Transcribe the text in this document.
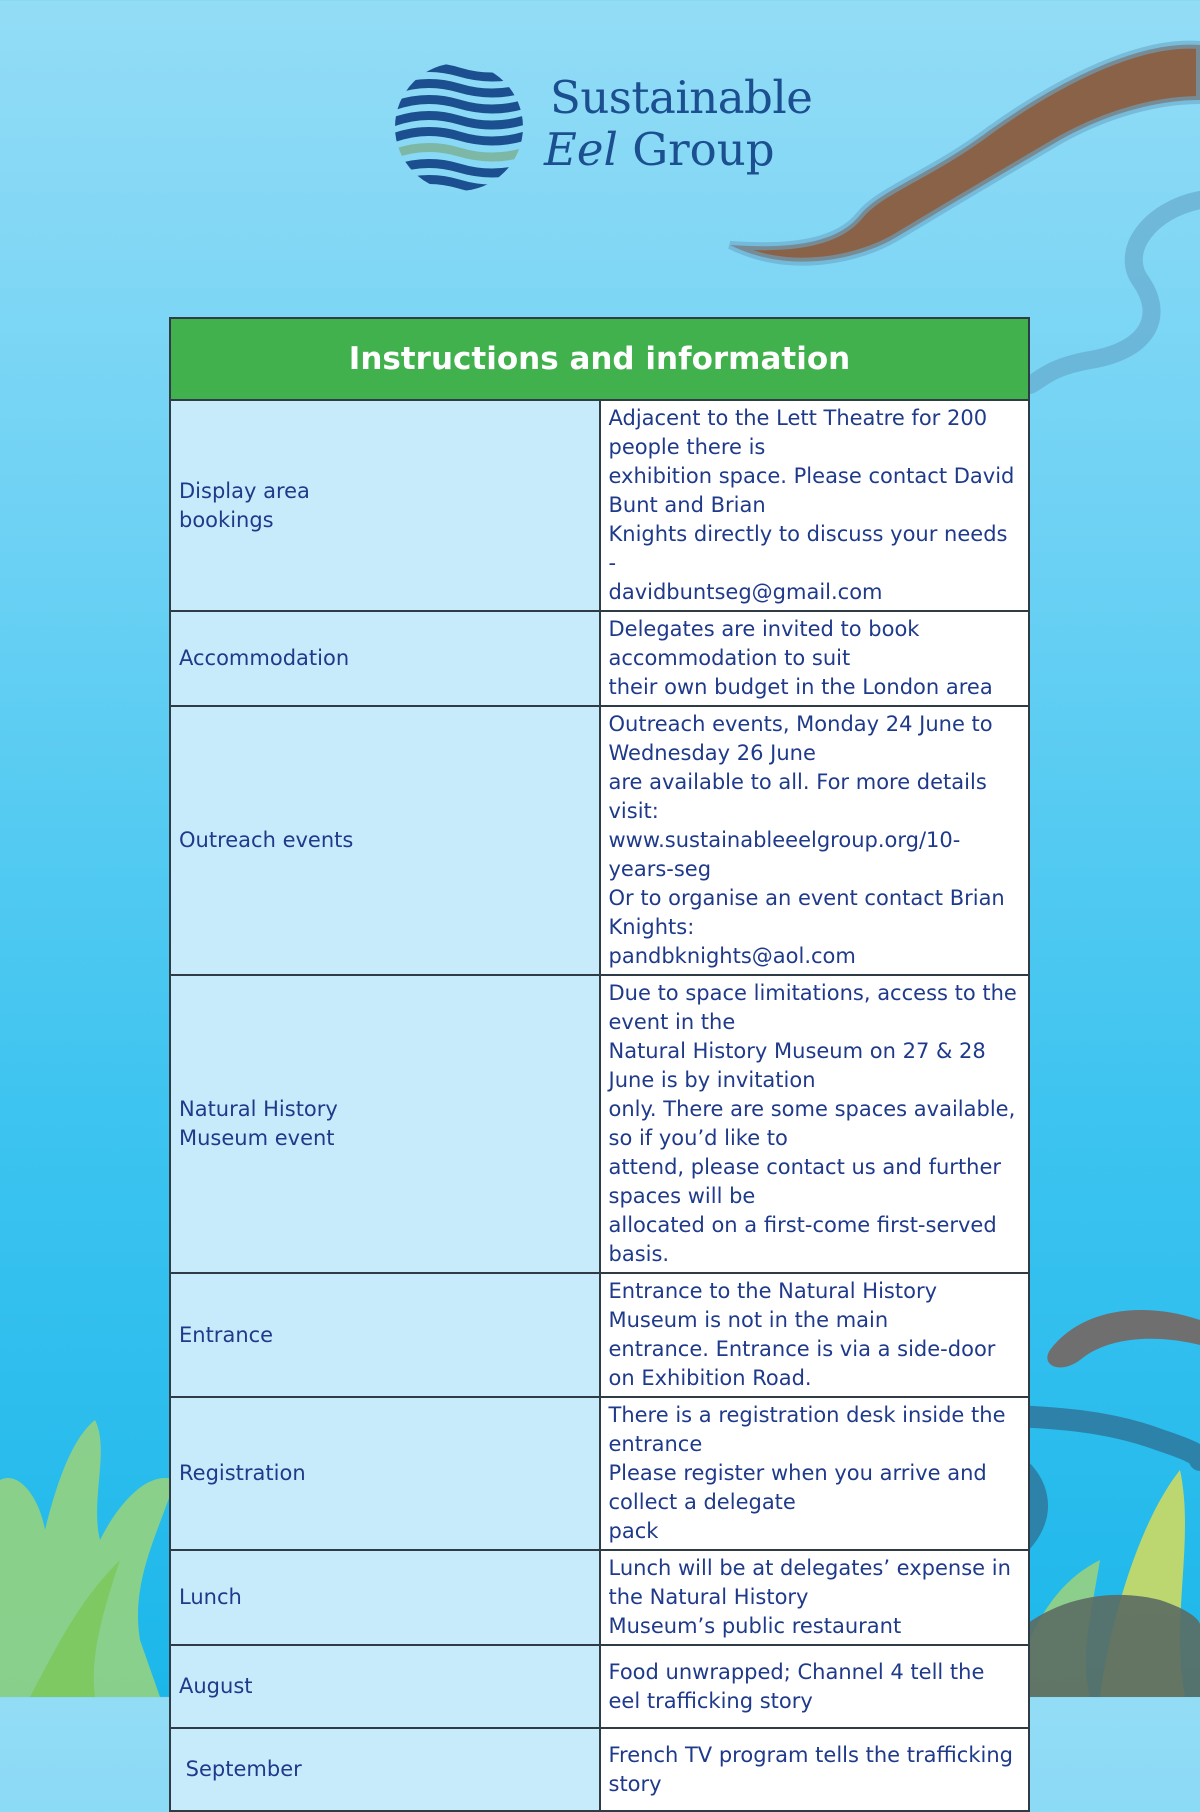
Sustainable
Eel Group
Instructions and information	
Display area
bookings	Adjacent to the Lett Theatre for 200 people there is
exhibition space. Please contact David Bunt and Brian
Knights directly to discuss your needs -
davidbuntseg@gmail.com
Accommodation	Delegates are invited to book accommodation to suit
their own budget in the London area
Outreach events	Outreach events, Monday 24 June to Wednesday 26 June
are available to all. For more details visit:
www.sustainableeelgroup.org/10-years-seg
Or to organise an event contact Brian Knights:
pandbknights@aol.com
Natural History
Museum event	Due to space limitations, access to the event in the
Natural History Museum on 27 & 28 June is by invitation
only. There are some spaces available, so if you’d like to
attend, please contact us and further spaces will be
allocated on a first-come first-served basis.
Entrance	Entrance to the Natural History Museum is not in the main
entrance. Entrance is via a side-door on Exhibition Road.
Registration	There is a registration desk inside the entrance
Please register when you arrive and collect a delegate
pack
Lunch	Lunch will be at delegates’ expense in the Natural History
Museum’s public restaurant
August	Food unwrapped; Channel 4 tell the eel trafficking story
September	French TV program tells the trafficking story
